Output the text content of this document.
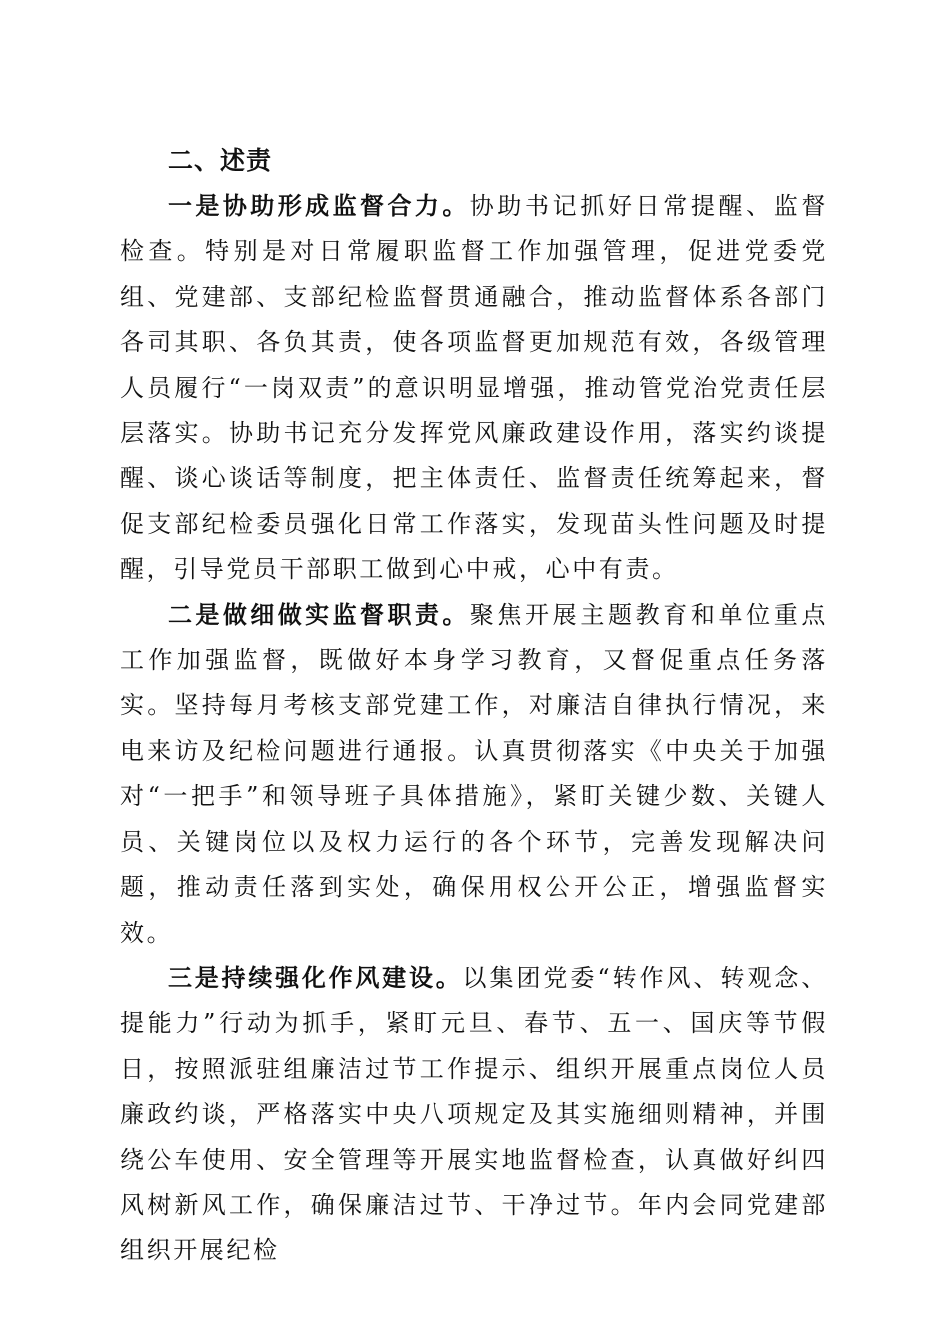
二、述责

一是协助形成监督合力。协助书记抓好日常提醒、监督检查。特别是对日常履职监督工作加强管理，促进党委党组、党建部、支部纪检监督贯通融合，推动监督体系各部门各司其职、各负其责，使各项监督更加规范有效，各级管理人员履行“一岗双责”的意识明显增强，推动管党治党责任层层落实。协助书记充分发挥党风廉政建设作用，落实约谈提醒、谈心谈话等制度，把主体责任、监督责任统筹起来，督促支部纪检委员强化日常工作落实，发现苗头性问题及时提醒，引导党员干部职工做到心中戒，心中有责。

二是做细做实监督职责。聚焦开展主题教育和单位重点工作加强监督，既做好本身学习教育，又督促重点任务落实。坚持每月考核支部党建工作，对廉洁自律执行情况，来电来访及纪检问题进行通报。认真贯彻落实《中央关于加强对“一把手”和领导班子具体措施》，紧盯关键少数、关键人员、关键岗位以及权力运行的各个环节，完善发现解决问题，推动责任落到实处，确保用权公开公正，增强监督实效。

三是持续强化作风建设。以集团党委“转作风、转观念、提能力”行动为抓手，紧盯元旦、春节、五一、国庆等节假日，按照派驻组廉洁过节工作提示、组织开展重点岗位人员廉政约谈，严格落实中央八项规定及其实施细则精神，并围绕公车使用、安全管理等开展实地监督检查，认真做好纠四风树新风工作，确保廉洁过节、干净过节。年内会同党建部组织开展纪检
